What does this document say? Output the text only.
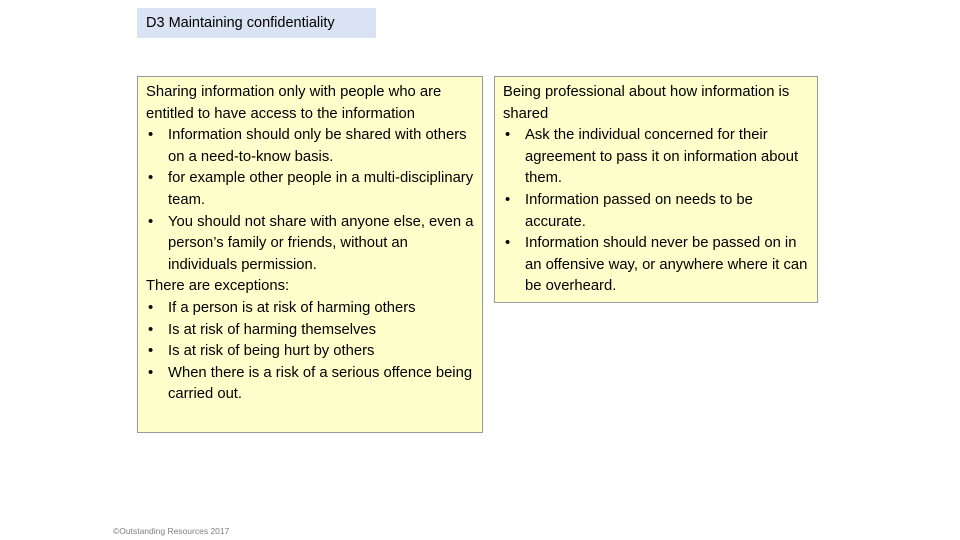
D3 Maintaining confidentiality

Sharing information only with people who are entitled to have access to the information

• Information should only be shared with others on a need-to-know basis.
• for example other people in a multi-disciplinary team.
• You should not share with anyone else, even a person’s family or friends, without an individuals permission.

There are exceptions:

• If a person is at risk of harming others
• Is at risk of harming themselves
• Is at risk of being hurt by others
• When there is a risk of a serious offence being carried out.

Being professional about how information is shared

• Ask the individual concerned for their agreement to pass it on information about them.
• Information passed on needs to be accurate.
• Information should never be passed on in an offensive way, or anywhere where it can be overheard.
©Outstanding Resources 2017
